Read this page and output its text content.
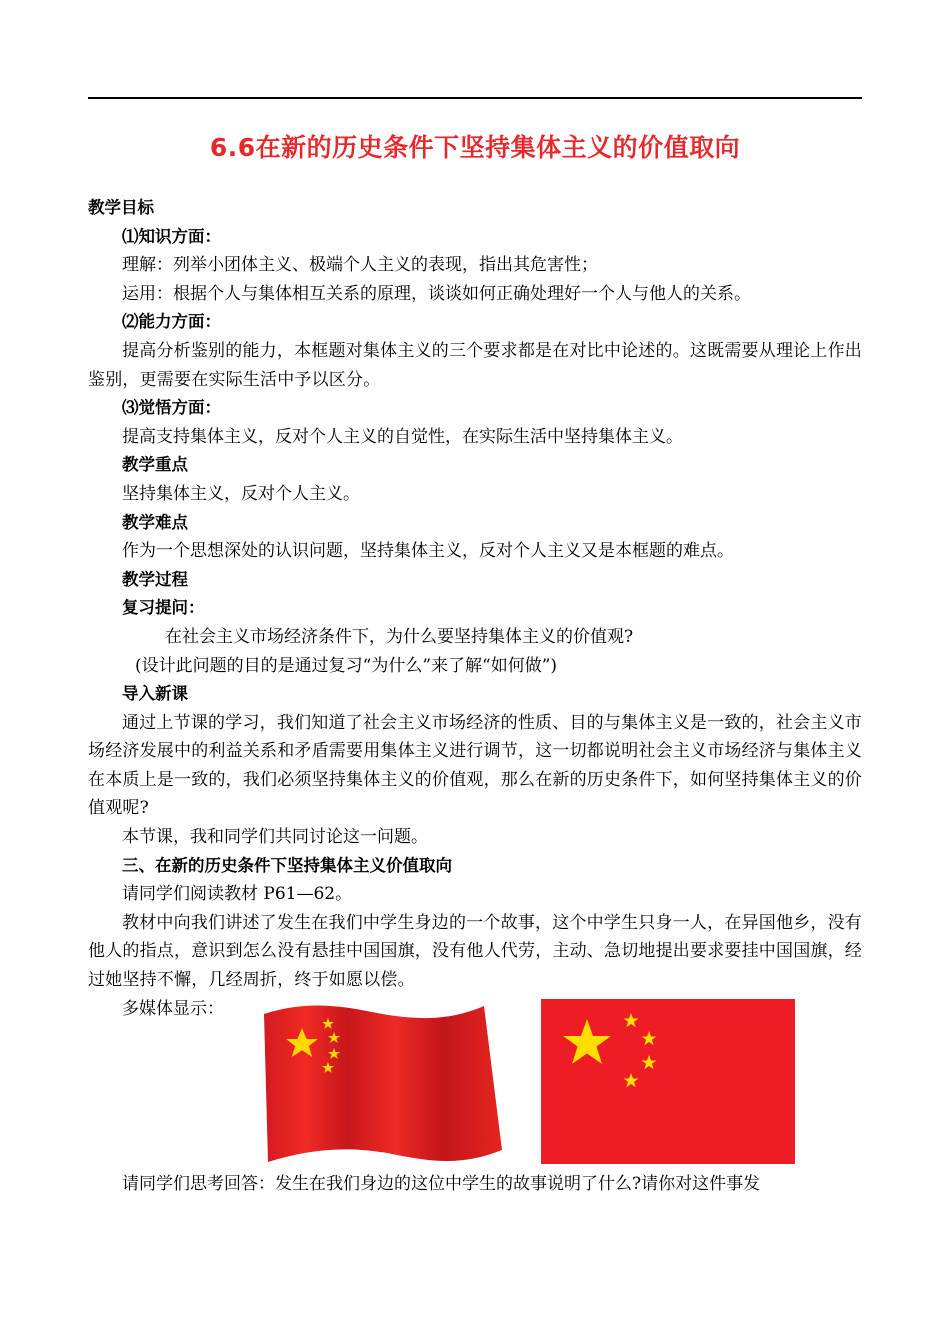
6.6在新的历史条件下坚持集体主义的价值取向

教学目标

⑴知识方面：

理解：列举小团体主义、极端个人主义的表现，指出其危害性；

运用：根据个人与集体相互关系的原理，谈谈如何正确处理好一个人与他人的关系。

⑵能力方面：

提高分析鉴别的能力，本框题对集体主义的三个要求都是在对比中论述的。这既需要从理论上作出鉴别，更需要在实际生活中予以区分。

⑶觉悟方面：

提高支持集体主义，反对个人主义的自觉性，在实际生活中坚持集体主义。

教学重点

坚持集体主义，反对个人主义。

教学难点

作为一个思想深处的认识问题，坚持集体主义，反对个人主义又是本框题的难点。

教学过程

复习提问：

在社会主义市场经济条件下，为什么要坚持集体主义的价值观?

(设计此问题的目的是通过复习“为什么”来了解“如何做”)

导入新课

通过上节课的学习，我们知道了社会主义市场经济的性质、目的与集体主义是一致的，社会主义市场经济发展中的利益关系和矛盾需要用集体主义进行调节，这一切都说明社会主义市场经济与集体主义在本质上是一致的，我们必须坚持集体主义的价值观，那么在新的历史条件下，如何坚持集体主义的价值观呢?

本节课，我和同学们共同讨论这一问题。

三、在新的历史条件下坚持集体主义价值取向

请同学们阅读教材 P61—62。

教材中向我们讲述了发生在我们中学生身边的一个故事，这个中学生只身一人，在异国他乡，没有他人的指点，意识到怎么没有悬挂中国国旗，没有他人代劳，主动、急切地提出要求要挂中国国旗，经过她坚持不懈，几经周折，终于如愿以偿。

多媒体显示：

请同学们思考回答：发生在我们身边的这位中学生的故事说明了什么?请你对这件事发
